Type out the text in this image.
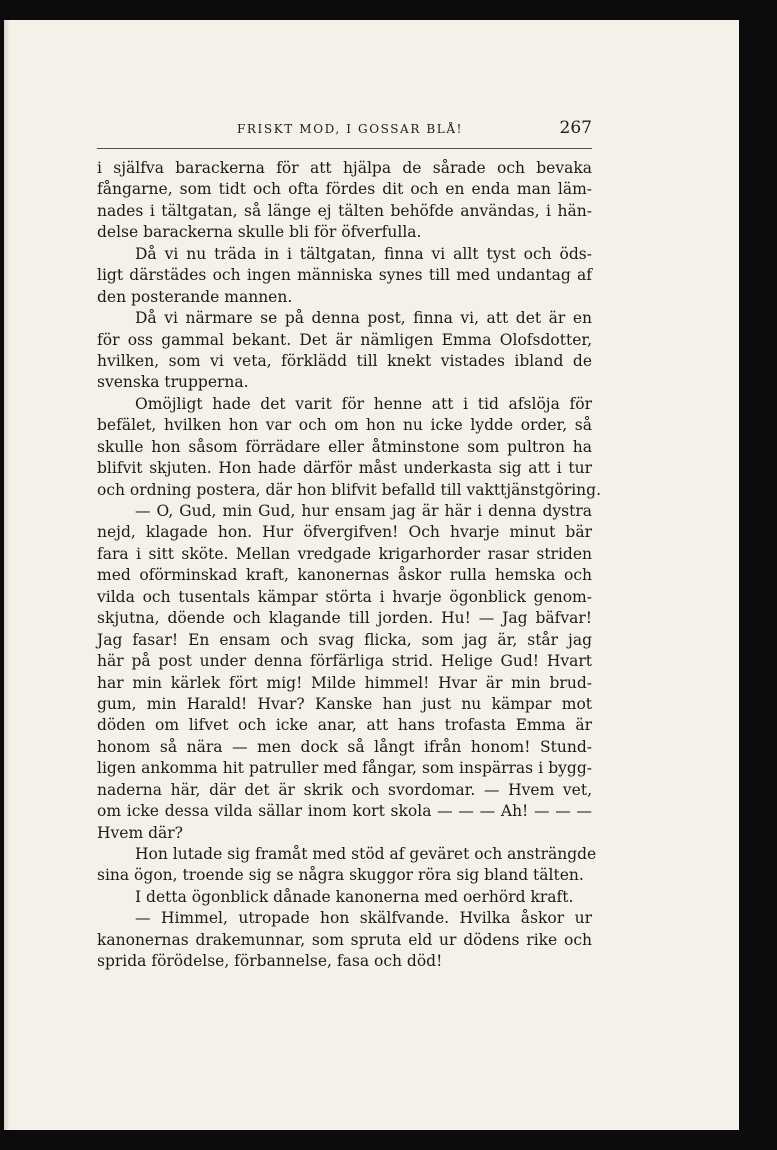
FRISKT MOD, I GOSSAR BLÅ!	267
i själfva barackerna för att hjälpa de sårade och bevaka
fångarne, som tidt och ofta fördes dit och en enda man läm-
nades i tältgatan, så länge ej tälten behöfde användas, i hän-
delse barackerna skulle bli för öfverfulla.
Då vi nu träda in i tältgatan, finna vi allt tyst och öds-
ligt därstädes och ingen människa synes till med undantag af
den posterande mannen.
Då vi närmare se på denna post, finna vi, att det är en
för oss gammal bekant. Det är nämligen Emma Olofsdotter,
hvilken, som vi veta, förklädd till knekt vistades ibland de
svenska trupperna.
Omöjligt hade det varit för henne att i tid afslöja för
befälet, hvilken hon var och om hon nu icke lydde order, så
skulle hon såsom förrädare eller åtminstone som pultron ha
blifvit skjuten. Hon hade därför måst underkasta sig att i tur
och ordning postera, där hon blifvit befalld till vakttjänstgöring.
— O, Gud, min Gud, hur ensam jag är här i denna dystra
nejd, klagade hon. Hur öfvergifven! Och hvarje minut bär
fara i sitt sköte. Mellan vredgade krigarhorder rasar striden
med oförminskad kraft, kanonernas åskor rulla hemska och
vilda och tusentals kämpar störta i hvarje ögonblick genom-
skjutna, döende och klagande till jorden. Hu! — Jag bäfvar!
Jag fasar! En ensam och svag flicka, som jag är, står jag
här på post under denna förfärliga strid. Helige Gud! Hvart
har min kärlek fört mig! Milde himmel! Hvar är min brud-
gum, min Harald! Hvar? Kanske han just nu kämpar mot
döden om lifvet och icke anar, att hans trofasta Emma är
honom så nära — men dock så långt ifrån honom! Stund-
ligen ankomma hit patruller med fångar, som inspärras i bygg-
naderna här, där det är skrik och svordomar. — Hvem vet,
om icke dessa vilda sällar inom kort skola — — — Ah! — — —
Hvem där?
Hon lutade sig framåt med stöd af geväret och ansträngde
sina ögon, troende sig se några skuggor röra sig bland tälten.
I detta ögonblick dånade kanonerna med oerhörd kraft.
— Himmel, utropade hon skälfvande. Hvilka åskor ur
kanonernas drakemunnar, som spruta eld ur dödens rike och
sprida förödelse, förbannelse, fasa och död!
